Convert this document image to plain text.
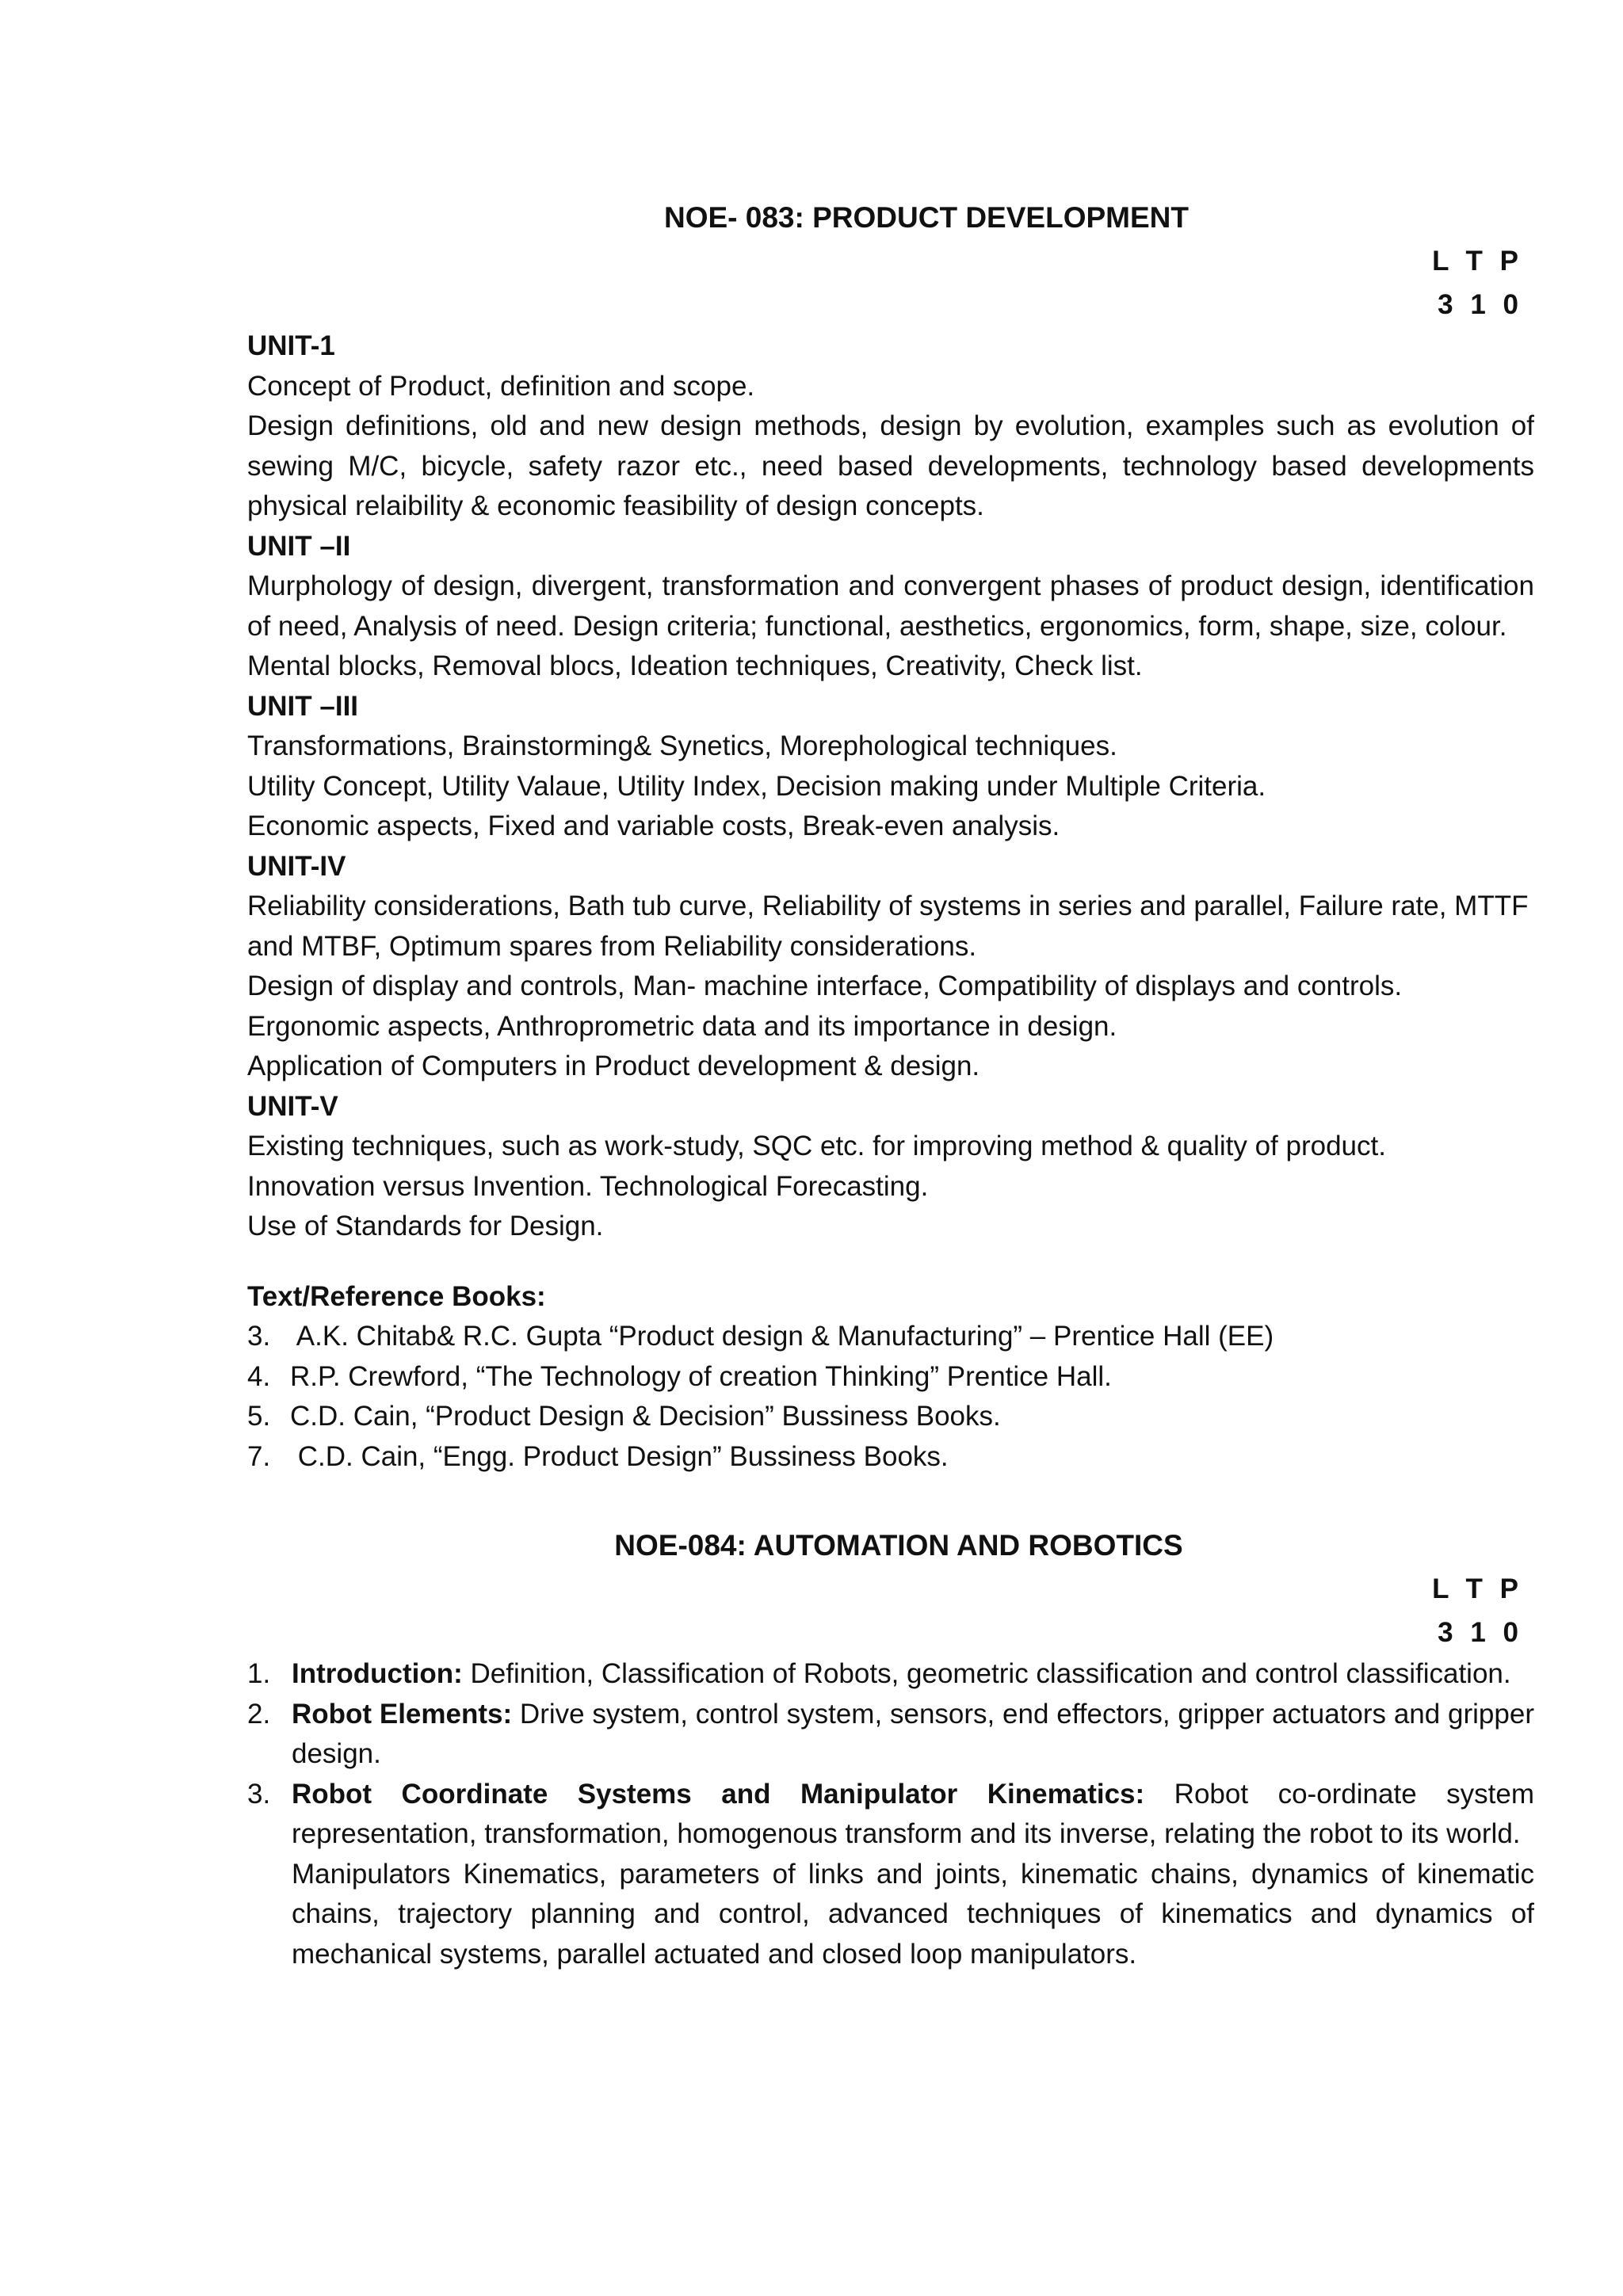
NOE- 083: PRODUCT DEVELOPMENT
L T P
3 1 0

UNIT-1

Concept of Product, definition and scope.

Design definitions, old and new design methods, design by evolution, examples such as evolution of sewing M/C, bicycle, safety razor etc., need based developments, technology based developments physical relaibility & economic feasibility of design concepts.

UNIT –II

Murphology of design, divergent, transformation and convergent phases of product design, identification of need, Analysis of need. Design criteria; functional, aesthetics, ergonomics, form, shape, size, colour.

Mental blocks, Removal blocs, Ideation techniques, Creativity, Check list.

UNIT –III

Transformations, Brainstorming& Synetics, Morephological techniques.

Utility Concept, Utility Valaue, Utility Index, Decision making under Multiple Criteria.

Economic aspects, Fixed and variable costs, Break-even analysis.

UNIT-IV

Reliability considerations, Bath tub curve, Reliability of systems in series and parallel, Failure rate, MTTF and MTBF, Optimum spares from Reliability considerations.

Design of display and controls, Man- machine interface, Compatibility of displays and controls. Ergonomic aspects, Anthroprometric data and its importance in design.

Application of Computers in Product development & design.

UNIT-V

Existing techniques, such as work-study, SQC etc. for improving method & quality of product.

Innovation versus Invention. Technological Forecasting.

Use of Standards for Design.

Text/Reference Books:

3. A.K. Chitab& R.C. Gupta “Product design & Manufacturing” – Prentice Hall (EE)
4. R.P. Crewford, “The Technology of creation Thinking” Prentice Hall.
5. C.D. Cain, “Product Design & Decision” Bussiness Books.
7. C.D. Cain, “Engg. Product Design” Bussiness Books.
NOE-084: AUTOMATION AND ROBOTICS
L T P
3 1 0
1. Introduction: Definition, Classification of Robots, geometric classification and control classification.
2. Robot Elements: Drive system, control system, sensors, end effectors, gripper actuators and gripper design.
3. Robot Coordinate Systems and Manipulator Kinematics: Robot co-ordinate system representation, transformation, homogenous transform and its inverse, relating the robot to its world.

Manipulators Kinematics, parameters of links and joints, kinematic chains, dynamics of kinematic chains, trajectory planning and control, advanced techniques of kinematics and dynamics of mechanical systems, parallel actuated and closed loop manipulators.
